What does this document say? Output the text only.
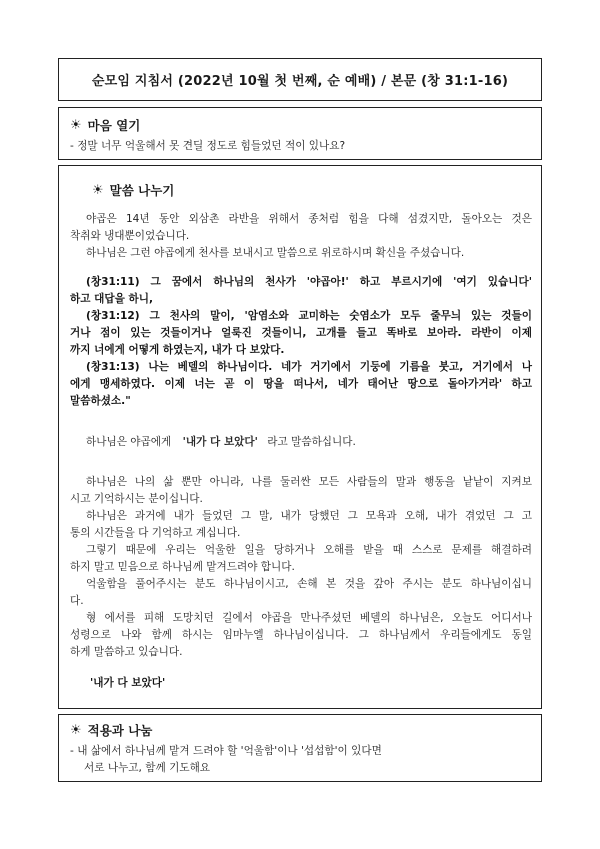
순모임 지침서 (2022년 10월 첫 번째, 순 예배) / 본문 (창 31:1-16)
☀ 마음 열기
- 정말 너무 억울해서 못 견딜 정도로 힘들었던 적이 있나요?
☀ 말씀 나누기
야곱은 14년 동안 외삼촌 라반을 위해서 종처럼 힘을 다해 섬겼지만, 돌아오는 것은
착취와 냉대뿐이었습니다.
하나님은 그런 야곱에게 천사를 보내시고 말씀으로 위로하시며 확신을 주셨습니다.
(창31:11) 그 꿈에서 하나님의 천사가 '야곱아!' 하고 부르시기에 '여기 있습니다'
하고 대답을 하니,
(창31:12) 그 천사의 말이, '암염소와 교미하는 숫염소가 모두 줄무늬 있는 것들이
거나 점이 있는 것들이거나 얼룩진 것들이니, 고개를 들고 똑바로 보아라. 라반이 이제
까지 너에게 어떻게 하였는지, 내가 다 보았다.
(창31:13) 나는 베델의 하나님이다. 네가 거기에서 기둥에 기름을 붓고, 거기에서 나
에게 맹세하였다. 이제 너는 곧 이 땅을 떠나서, 네가 태어난 땅으로 돌아가거라' 하고
말씀하셨소."
하나님은 야곱에게 '내가 다 보았다' 라고 말씀하십니다.
하나님은 나의 삶 뿐만 아니라, 나를 둘러싼 모든 사람들의 말과 행동을 낱낱이 지켜보
시고 기억하시는 분이십니다.
하나님은 과거에 내가 들었던 그 말, 내가 당했던 그 모욕과 오해, 내가 겪었던 그 고
통의 시간들을 다 기억하고 계십니다.
그렇기 때문에 우리는 억울한 일을 당하거나 오해를 받을 때 스스로 문제를 해결하려
하지 말고 믿음으로 하나님께 맡겨드려야 합니다.
억울함을 풀어주시는 분도 하나님이시고, 손해 본 것을 갚아 주시는 분도 하나님이십니
다.
형 에서를 피해 도망치던 길에서 야곱을 만나주셨던 베델의 하나님은, 오늘도 어디서나
성령으로 나와 함께 하시는 임마누엘 하나님이십니다. 그 하나님께서 우리들에게도 동일
하게 말씀하고 있습니다.
'내가 다 보았다'
☀ 적용과 나눔
- 내 삶에서 하나님께 맡겨 드려야 할 '억울함'이나 '섭섭함'이 있다면
서로 나누고, 함께 기도해요
